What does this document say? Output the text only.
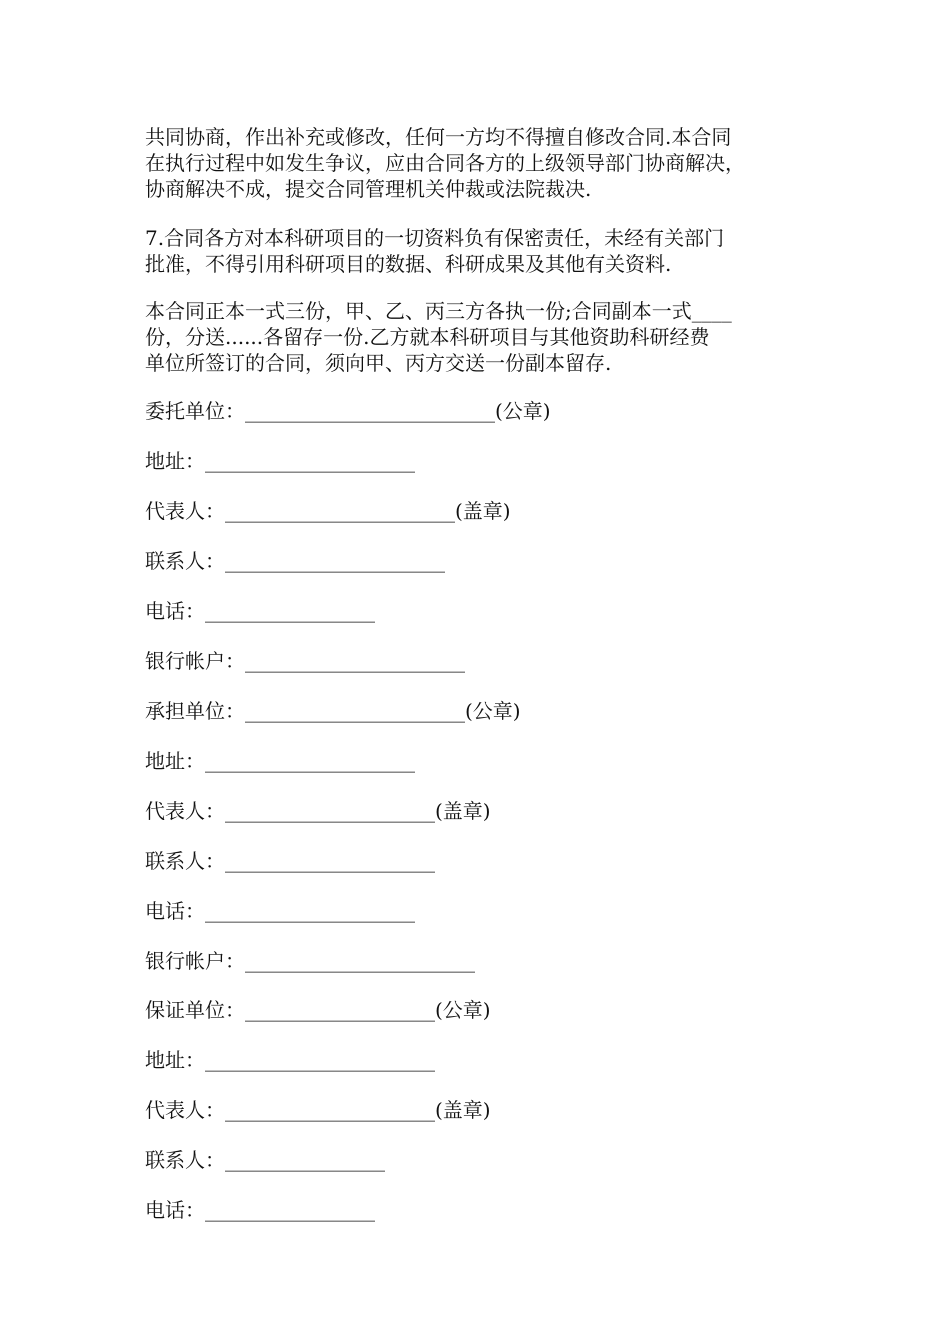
共同协商，作出补充或修改，任何一方均不得擅自修改合同.本合同
在执行过程中如发生争议，应由合同各方的上级领导部门协商解决，
协商解决不成，提交合同管理机关仲裁或法院裁决.
7.合同各方对本科研项目的一切资料负有保密责任，未经有关部门
批准，不得引用科研项目的数据、科研成果及其他有关资料.
本合同正本一式三份，甲、乙、丙三方各执一份;合同副本一式____
份，分送......各留存一份.乙方就本科研项目与其他资助科研经费
单位所签订的合同，须向甲、丙方交送一份副本留存.
委托单位：_________________________(公章)
地址：_____________________
代表人：_______________________(盖章)
联系人：______________________
电话：_________________
银行帐户：______________________
承担单位：______________________(公章)
地址：_____________________
代表人：_____________________(盖章)
联系人：_____________________
电话：_____________________
银行帐户：_______________________
保证单位：___________________(公章)
地址：_______________________
代表人：_____________________(盖章)
联系人：________________
电话：_________________
